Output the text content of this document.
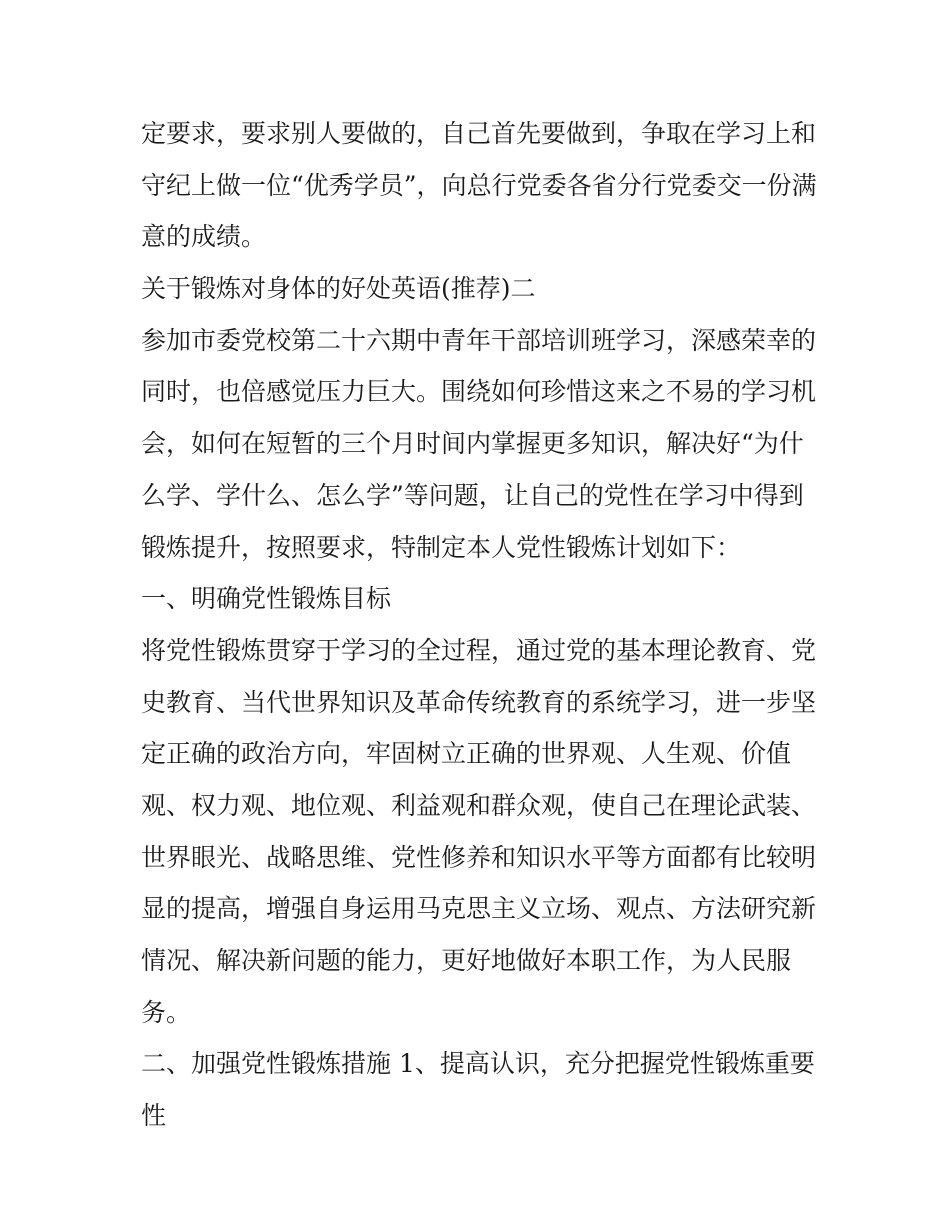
定要求，要求别人要做的，自己首先要做到，争取在学习上和
守纪上做一位“优秀学员”，向总行党委各省分行党委交一份满
意的成绩。
关于锻炼对身体的好处英语(推荐)二
参加市委党校第二十六期中青年干部培训班学习，深感荣幸的
同时，也倍感觉压力巨大。围绕如何珍惜这来之不易的学习机
会，如何在短暂的三个月时间内掌握更多知识，解决好“为什
么学、学什么、怎么学”等问题，让自己的党性在学习中得到
锻炼提升，按照要求，特制定本人党性锻炼计划如下：
一、明确党性锻炼目标
将党性锻炼贯穿于学习的全过程，通过党的基本理论教育、党
史教育、当代世界知识及革命传统教育的系统学习，进一步坚
定正确的政治方向，牢固树立正确的世界观、人生观、价值
观、权力观、地位观、利益观和群众观，使自己在理论武装、
世界眼光、战略思维、党性修养和知识水平等方面都有比较明
显的提高，增强自身运用马克思主义立场、观点、方法研究新
情况、解决新问题的能力，更好地做好本职工作，为人民服
务。
二、加强党性锻炼措施 1、提高认识，充分把握党性锻炼重要
性
